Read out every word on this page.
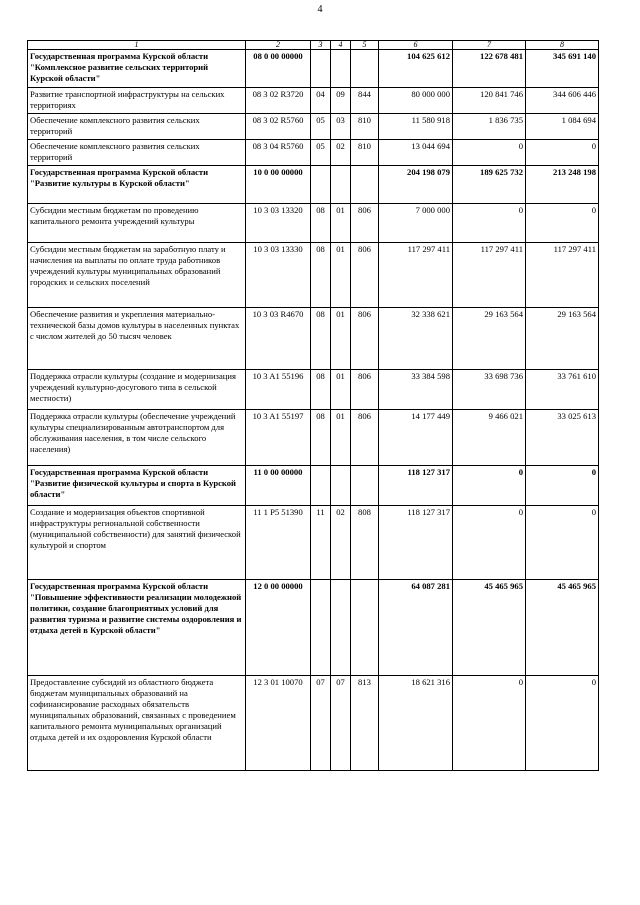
4
1	2	3	4	5	6	7	8
Государственная программа Курской области "Комплексное развитие сельских территорий Курской области"	08 0 00 00000				104 625 612	122 678 481	345 691 140
Развитие транспортной инфраструктуры на сельских территориях	08 3 02 R3720	04	09	844	80 000 000	120 841 746	344 606 446
Обеспечение комплексного развития сельских территорий	08 3 02 R5760	05	03	810	11 580 918	1 836 735	1 084 694
Обеспечение комплексного развития сельских территорий	08 3 04 R5760	05	02	810	13 044 694	0	0
Государственная программа Курской области "Развитие культуры в Курской области"	10 0 00 00000				204 198 079	189 625 732	213 248 198
Субсидии местным бюджетам по проведению капитального ремонта учреждений культуры	10 3 03 13320	08	01	806	7 000 000	0	0
Субсидии местным бюджетам на заработную плату и начисления на выплаты по оплате труда работников учреждений культуры муниципальных образований городских и сельских поселений	10 3 03 13330	08	01	806	117 297 411	117 297 411	117 297 411
Обеспечение развития и укрепления материально-технической базы домов культуры в населенных пунктах с числом жителей до 50 тысяч человек	10 3 03 R4670	08	01	806	32 338 621	29 163 564	29 163 564
Поддержка отрасли культуры (создание и модернизация учреждений культурно-досугового типа в сельской местности)	10 3 A1 55196	08	01	806	33 384 598	33 698 736	33 761 610
Поддержка отрасли культуры (обеспечение учреждений культуры специализированным автотранспортом для обслуживания населения, в том числе сельского населения)	10 3 A1 55197	08	01	806	14 177 449	9 466 021	33 025 613
Государственная программа Курской области "Развитие физической культуры и спорта в Курской области"	11 0 00 00000				118 127 317	0	0
Создание и модернизация объектов спортивной инфраструктуры региональной собственности (муниципальной собственности) для занятий физической культурой и спортом	11 1 P5 51390	11	02	808	118 127 317	0	0
Государственная программа Курской области "Повышение эффективности реализации молодежной политики, создание благоприятных условий для развития туризма и развитие системы оздоровления и отдыха детей в Курской области"	12 0 00 00000				64 087 281	45 465 965	45 465 965
Предоставление субсидий из областного бюджета бюджетам муниципальных образований на софинансирование расходных обязательств муниципальных образований, связанных с проведением капитального ремонта муниципальных организаций отдыха детей и их оздоровления Курской области	12 3 01 10070	07	07	813	18 621 316	0	0
